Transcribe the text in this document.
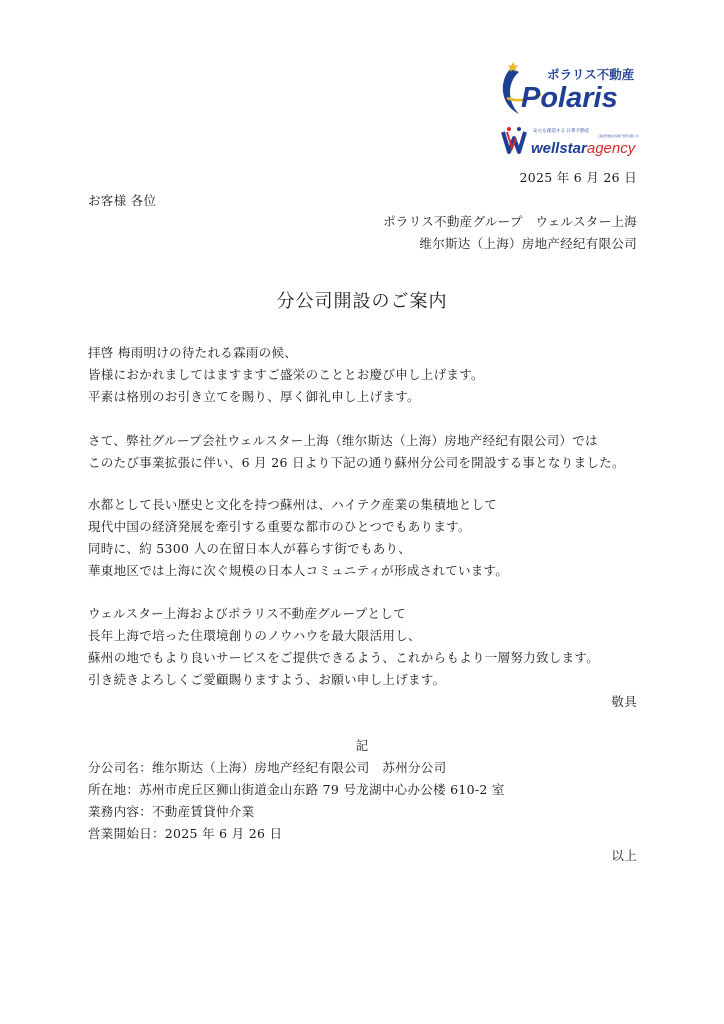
ポラリス不動産
Polaris
安心を創造する 日系不動産
上海居外维思达房地产经纪有限公司
wellstaragency
2025 年 6 月 26 日
お客様 各位
ポラリス不動産グループ　ウェルスター上海
维尔斯达（上海）房地产经纪有限公司
分公司開設のご案内
拝啓 梅雨明けの待たれる霖雨の候、
皆様におかれましてはますますご盛栄のこととお慶び申し上げます。
平素は格別のお引き立てを賜り、厚く御礼申し上げます。
さて、弊社グループ会社ウェルスター上海（维尔斯达（上海）房地产经纪有限公司）では
このたび事業拡張に伴い、6 月 26 日より下記の通り蘇州分公司を開設する事となりました。
水都として長い歴史と文化を持つ蘇州は、ハイテク産業の集積地として
現代中国の経済発展を牽引する重要な都市のひとつでもあります。
同時に、約 5300 人の在留日本人が暮らす街でもあり、
華東地区では上海に次ぐ規模の日本人コミュニティが形成されています。
ウェルスター上海およびポラリス不動産グループとして
長年上海で培った住環境創りのノウハウを最大限活用し、
蘇州の地でもより良いサービスをご提供できるよう、これからもより一層努力致します。
引き続きよろしくご愛顧賜りますよう、お願い申し上げます。
敬具
記
分公司名：维尔斯达（上海）房地产经纪有限公司　苏州分公司
所在地：苏州市虎丘区狮山街道金山东路 79 号龙湖中心办公楼 610-2 室
業務内容：不動産賃貸仲介業
営業開始日：2025 年 6 月 26 日
以上
